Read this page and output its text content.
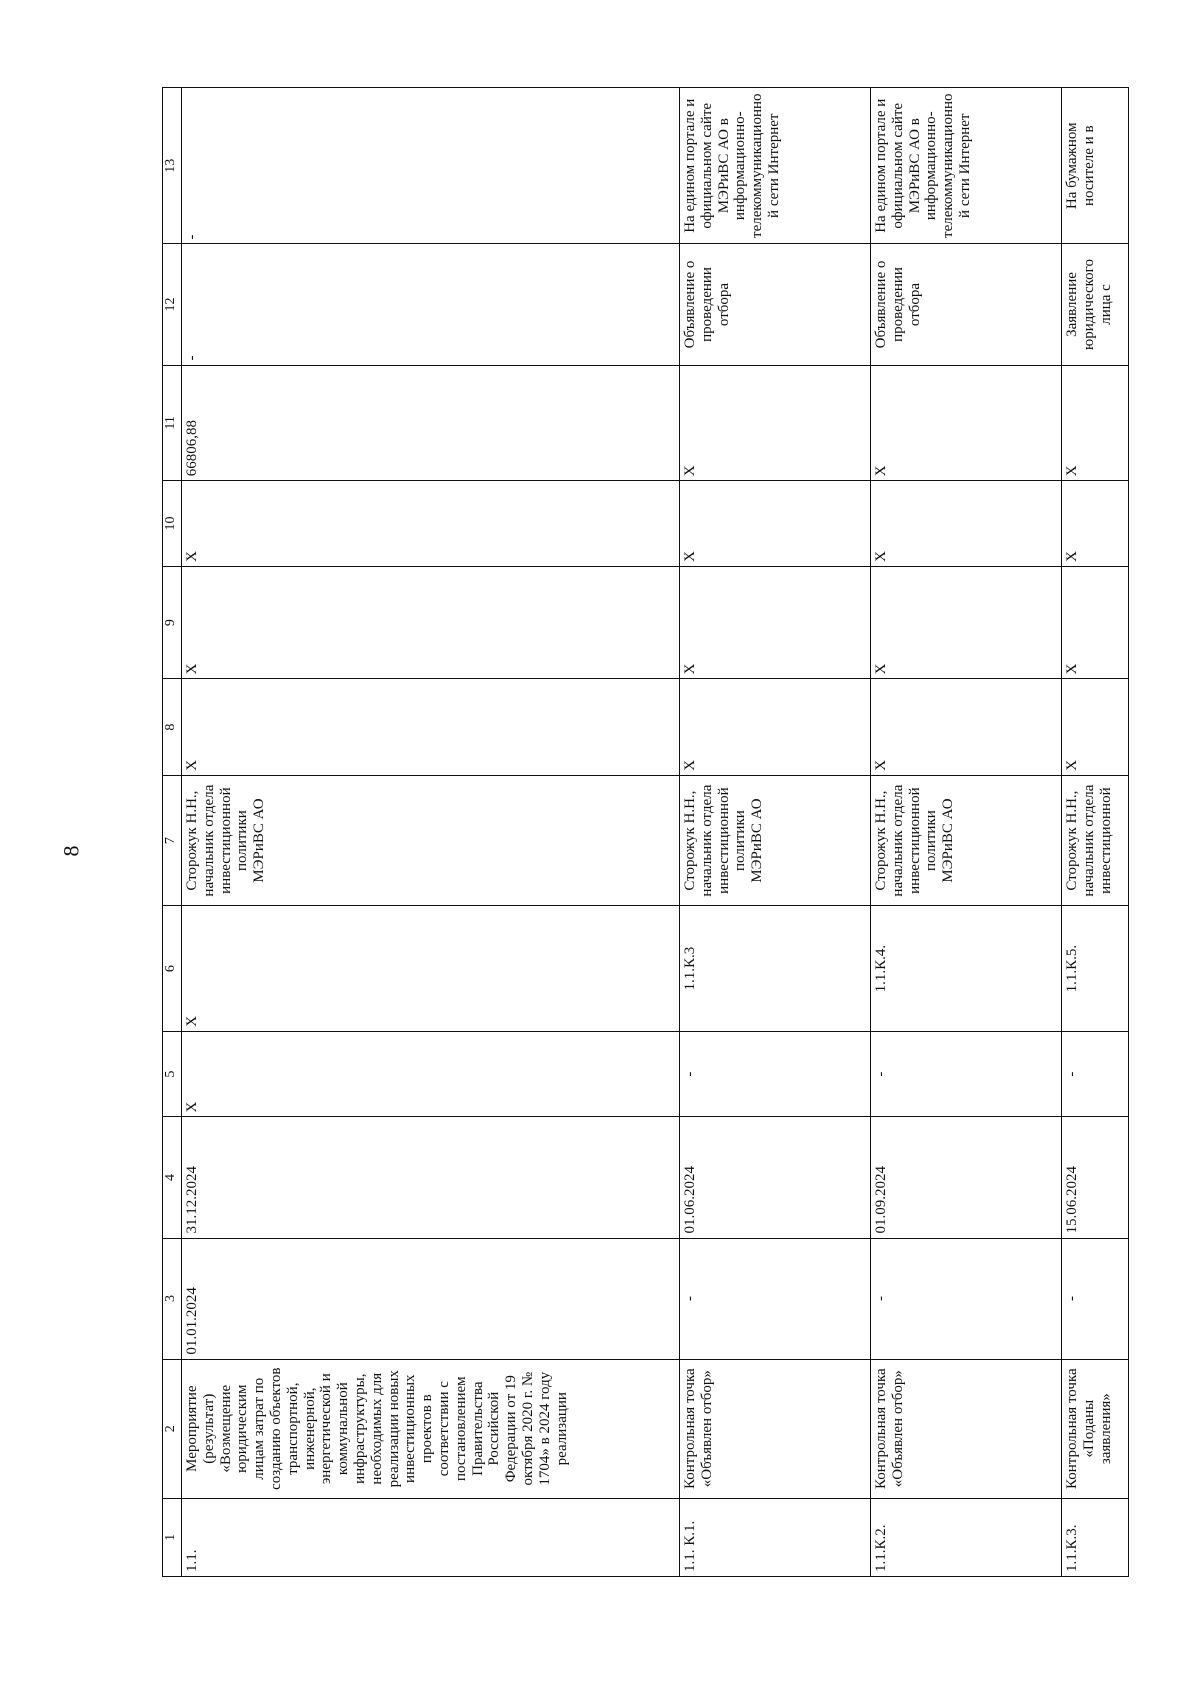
8
1	2	3	4	5	6	7	8	9	10	11	12	13
1.1.	Мероприятие (результат) «Возмещение юридическим лицам затрат по созданию объектов транспортной, инженерной, энергетической и коммунальной инфраструктуры, необходимых для реализации новых инвестиционных проектов в соответствии с постановлением Правительства Российской Федерации от 19 октября 2020 г. № 1704» в 2024 году реализации	01.01.2024	31.12.2024	X	X	Сторожук Н.Н., начальник отдела инвестиционной политики МЭРиВС АО	X	X	X	66806,88	-	-
1.1. К.1.	Контрольная точка «Объявлен отбор»	-	01.06.2024	-	1.1.К.3	Сторожук Н.Н., начальник отдела инвестиционной политики МЭРиВС АО	X	X	X	X	Объявление о проведении отбора	На едином портале и официальном сайте МЭРиВС АО в информационно-телекоммуникационной сети Интернет
1.1.К.2.	Контрольная точка «Объявлен отбор»	-	01.09.2024	-	1.1.К.4.	Сторожук Н.Н., начальник отдела инвестиционной политики МЭРиВС АО	X	X	X	X	Объявление о проведении отбора	На едином портале и официальном сайте МЭРиВС АО в информационно-телекоммуникационной сети Интернет
1.1.К.3.	Контрольная точка «Поданы заявления»	-	15.06.2024	-	1.1.К.5.	Сторожук Н.Н., начальник отдела инвестиционной	X	X	X	X	Заявление юридического лица с	На бумажном носителе и в
